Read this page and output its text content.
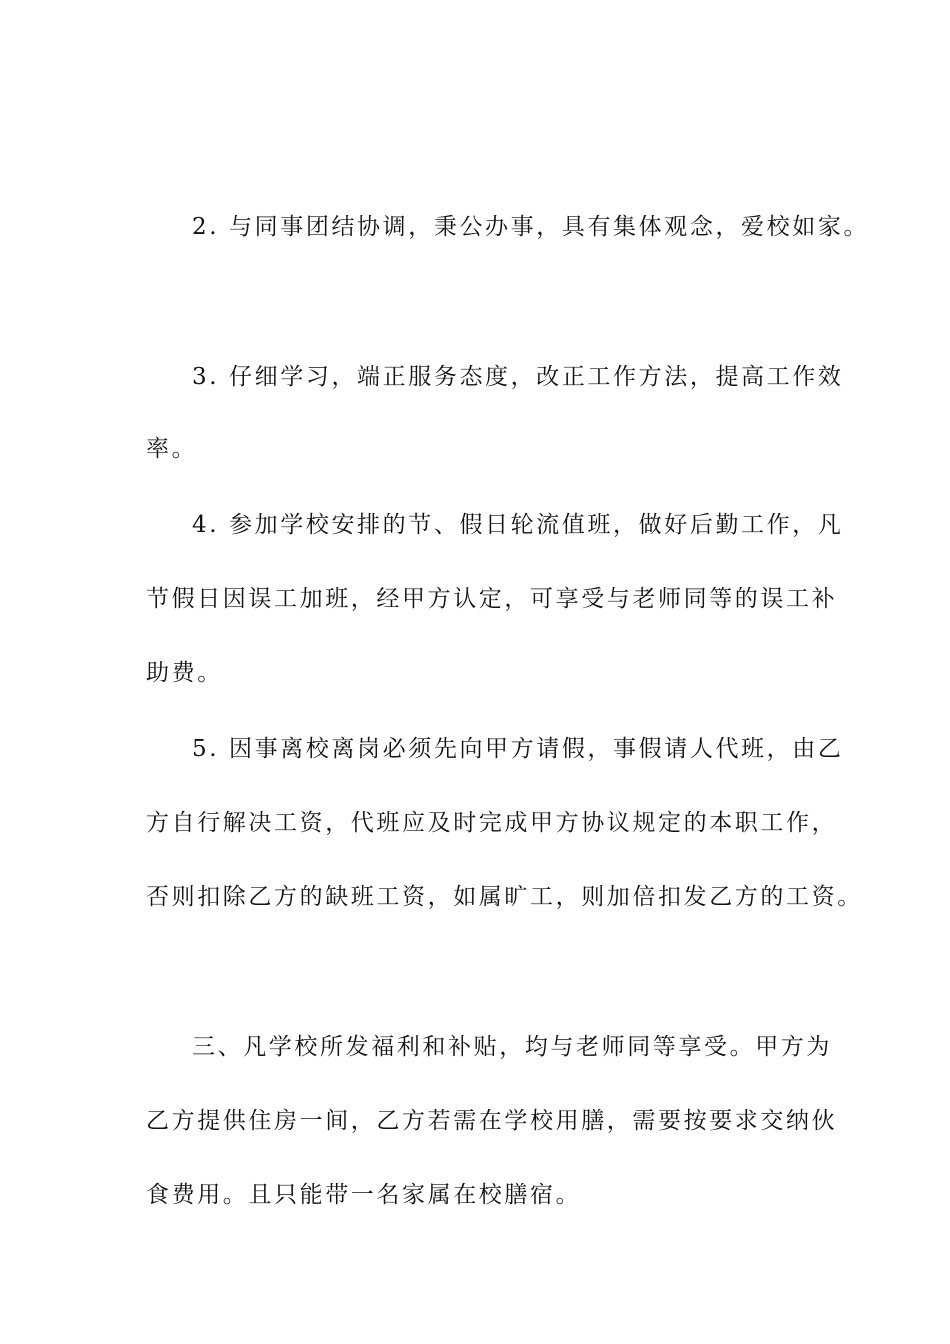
2. 与同事团结协调，秉公办事，具有集体观念，爱校如家。
3. 仔细学习，端正服务态度，改正工作方法，提高工作效
率。
4. 参加学校安排的节、假日轮流值班，做好后勤工作，凡
节假日因误工加班，经甲方认定，可享受与老师同等的误工补
助费。
5. 因事离校离岗必须先向甲方请假，事假请人代班，由乙
方自行解决工资，代班应及时完成甲方协议规定的本职工作，
否则扣除乙方的缺班工资，如属旷工，则加倍扣发乙方的工资。
三、凡学校所发福利和补贴，均与老师同等享受。甲方为
乙方提供住房一间，乙方若需在学校用膳，需要按要求交纳伙
食费用。且只能带一名家属在校膳宿。
